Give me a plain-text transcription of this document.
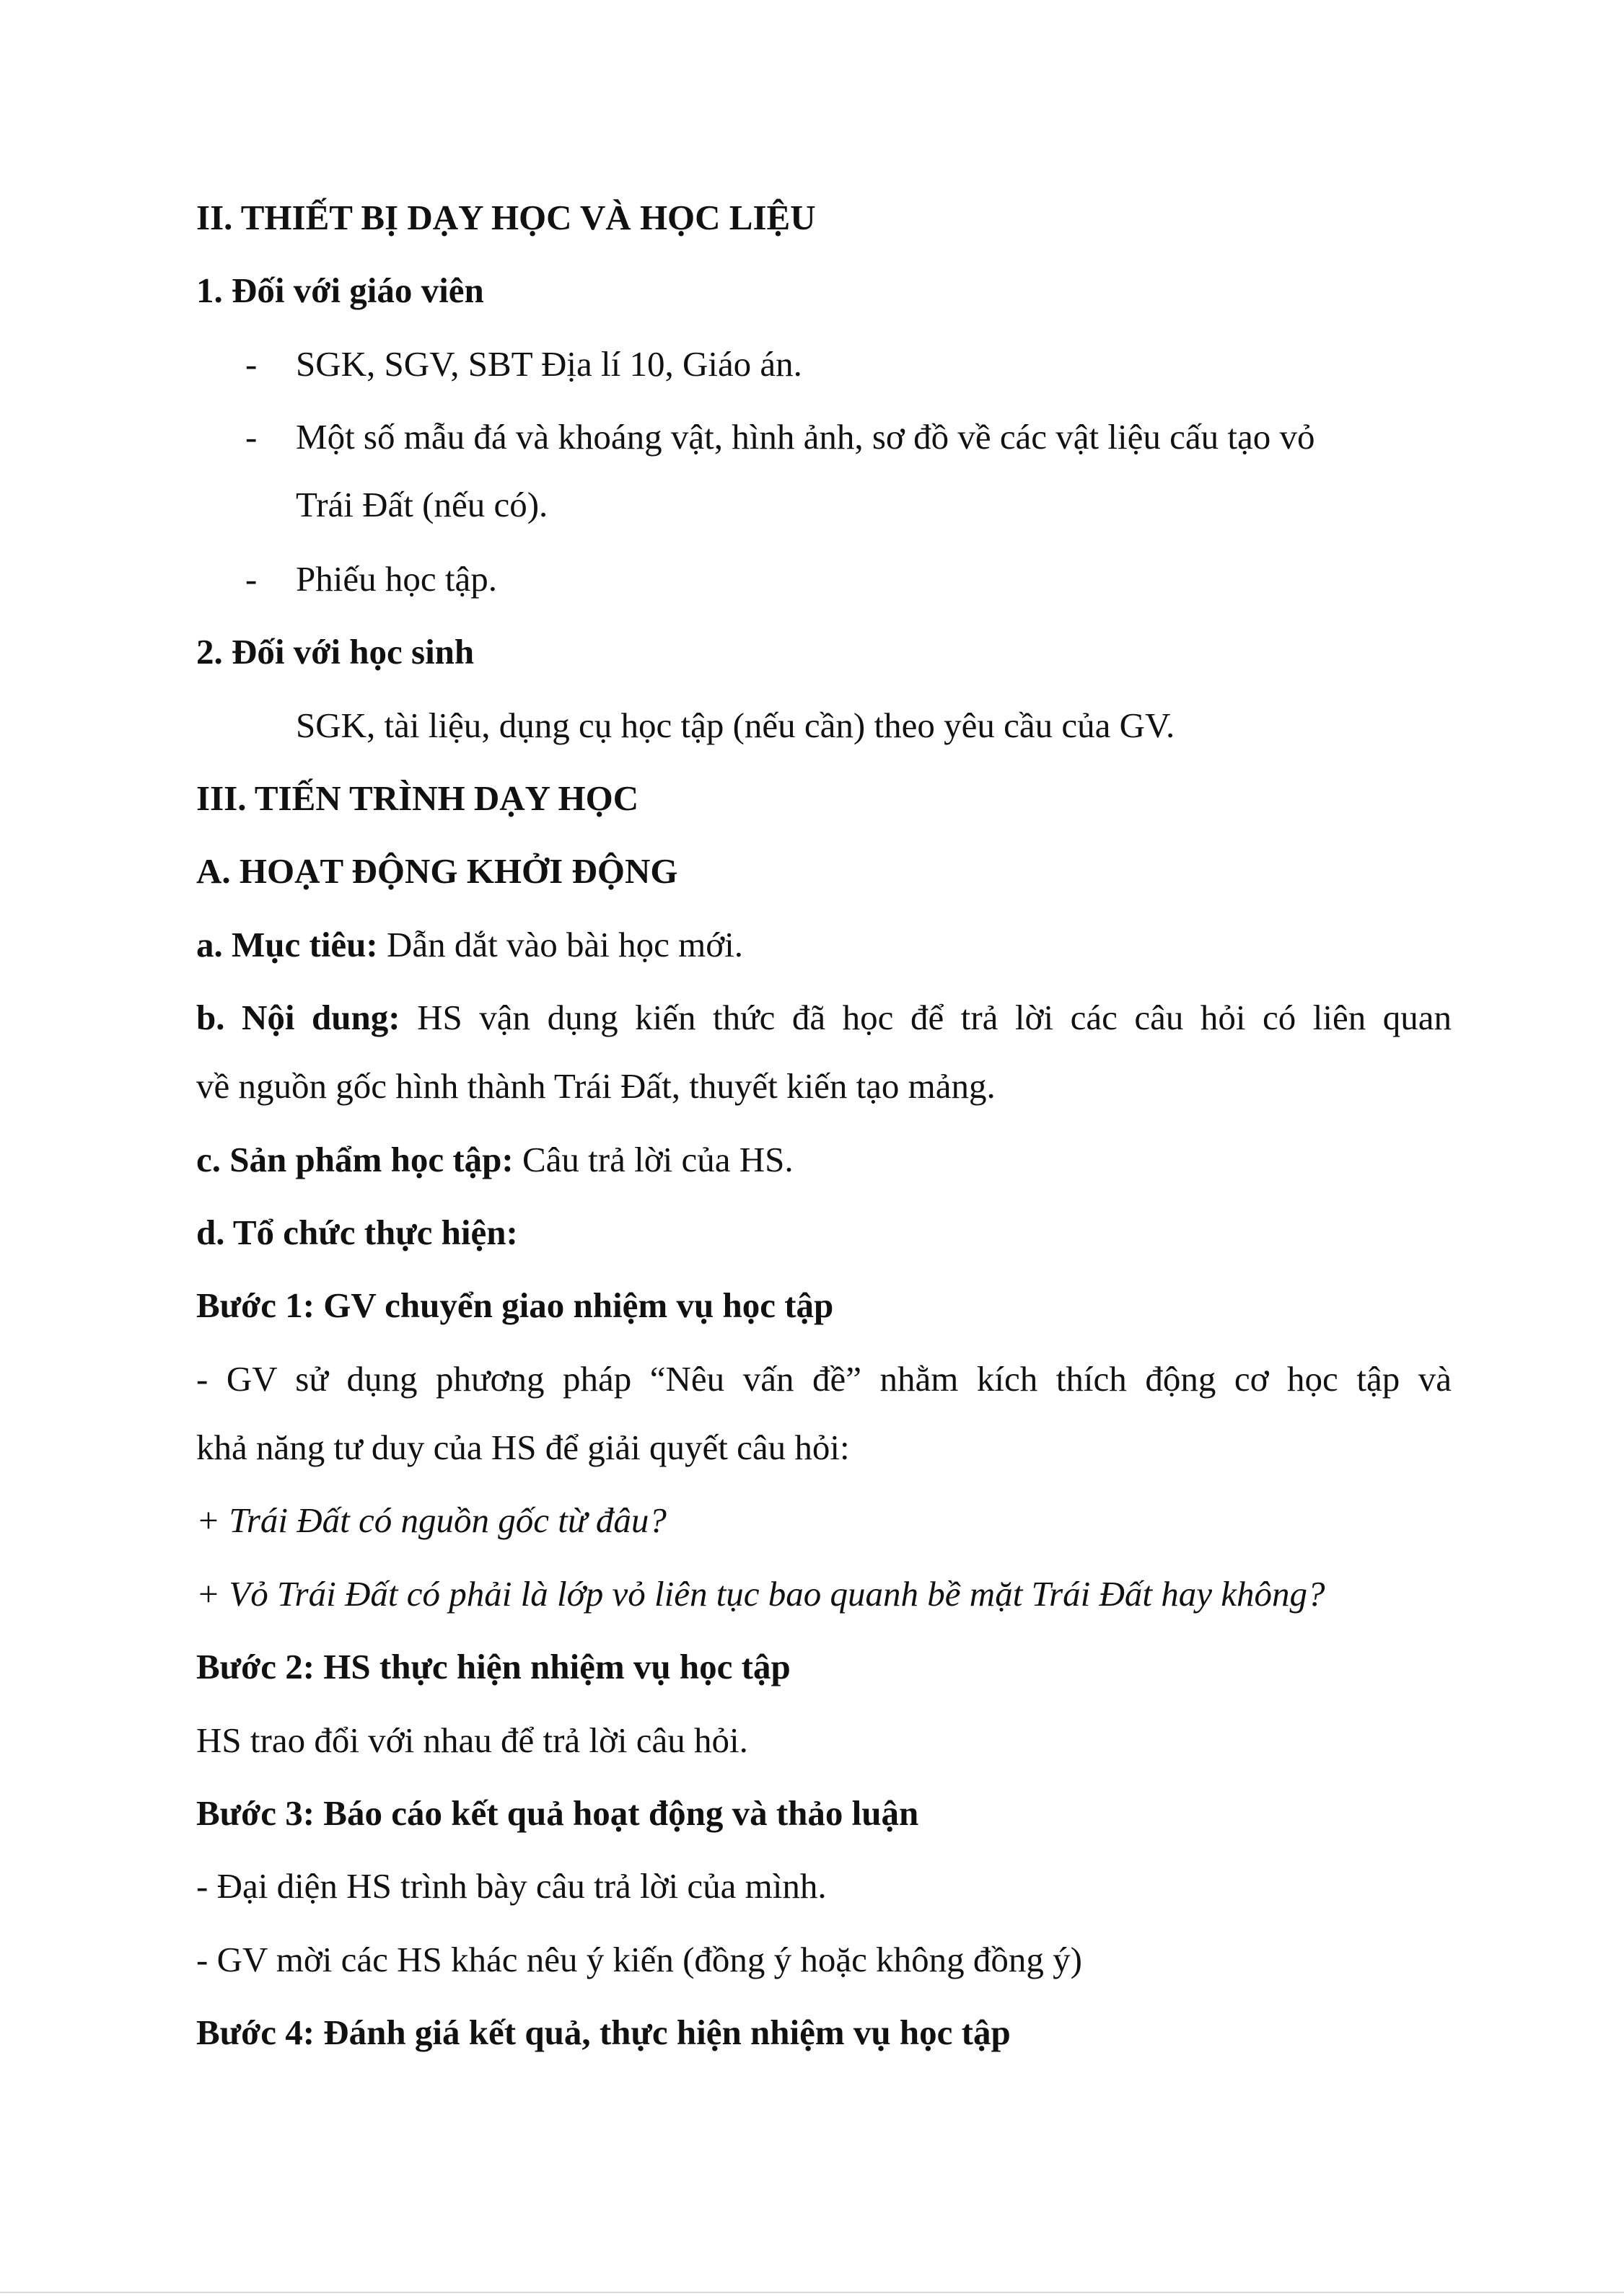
II. THIẾT BỊ DẠY HỌC VÀ HỌC LIỆU
1. Đối với giáo viên
- SGK, SGV, SBT Địa lí 10, Giáo án.
- Một số mẫu đá và khoáng vật, hình ảnh, sơ đồ về các vật liệu cấu tạo vỏ
Trái Đất (nếu có).
- Phiếu học tập.
2. Đối với học sinh
SGK, tài liệu, dụng cụ học tập (nếu cần) theo yêu cầu của GV.
III. TIẾN TRÌNH DẠY HỌC
A. HOẠT ĐỘNG KHỞI ĐỘNG
a. Mục tiêu: Dẫn dắt vào bài học mới.
b. Nội dung: HS vận dụng kiến thức đã học để trả lời các câu hỏi có liên quan
về nguồn gốc hình thành Trái Đất, thuyết kiến tạo mảng.
c. Sản phẩm học tập: Câu trả lời của HS.
d. Tổ chức thực hiện:
Bước 1: GV chuyển giao nhiệm vụ học tập
- GV sử dụng phương pháp “Nêu vấn đề” nhằm kích thích động cơ học tập và
khả năng tư duy của HS để giải quyết câu hỏi:
+ Trái Đất có nguồn gốc từ đâu?
+ Vỏ Trái Đất có phải là lớp vỏ liên tục bao quanh bề mặt Trái Đất hay không?
Bước 2: HS thực hiện nhiệm vụ học tập
HS trao đổi với nhau để trả lời câu hỏi.
Bước 3: Báo cáo kết quả hoạt động và thảo luận
- Đại diện HS trình bày câu trả lời của mình.
- GV mời các HS khác nêu ý kiến (đồng ý hoặc không đồng ý)
Bước 4: Đánh giá kết quả, thực hiện nhiệm vụ học tập
